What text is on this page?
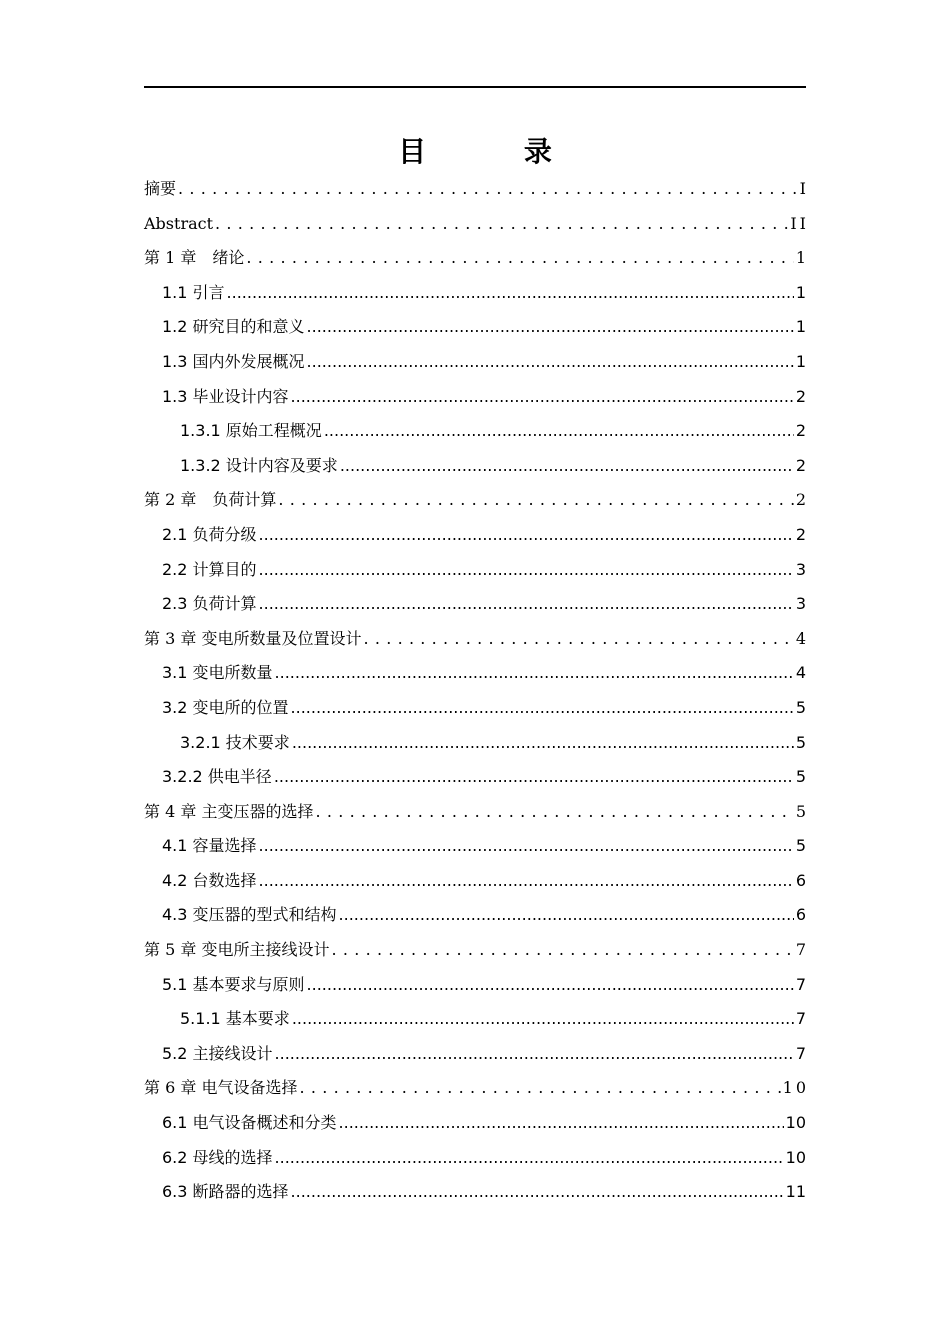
目 录
摘要 . . .	I
Abstract . . .	II
第 1 章　绪论 . . .	1
1.1 引言 .....	1
1.2 研究目的和意义 .....	1
1.3 国内外发展概况 .....	1
1.3 毕业设计内容 .....	2
1.3.1 原始工程概况 .....	2
1.3.2 设计内容及要求 .....	2
第 2 章　负荷计算 . . .	2
2.1 负荷分级 .....	2
2.2 计算目的 .....	3
2.3 负荷计算 .....	3
第 3 章 变电所数量及位置设计 . . .	4
3.1 变电所数量 .....	4
3.2 变电所的位置 .....	5
3.2.1 技术要求 .....	5
3.2.2 供电半径 .....	5
第 4 章 主变压器的选择 . . .	5
4.1 容量选择 .....	5
4.2 台数选择 .....	6
4.3 变压器的型式和结构 .....	6
第 5 章 变电所主接线设计 . . .	7
5.1 基本要求与原则 .....	7
5.1.1 基本要求 .....	7
5.2 主接线设计 .....	7
第 6 章 电气设备选择 . . .	10
6.1 电气设备概述和分类 .....	10
6.2 母线的选择 .....	10
6.3 断路器的选择 .....	11
